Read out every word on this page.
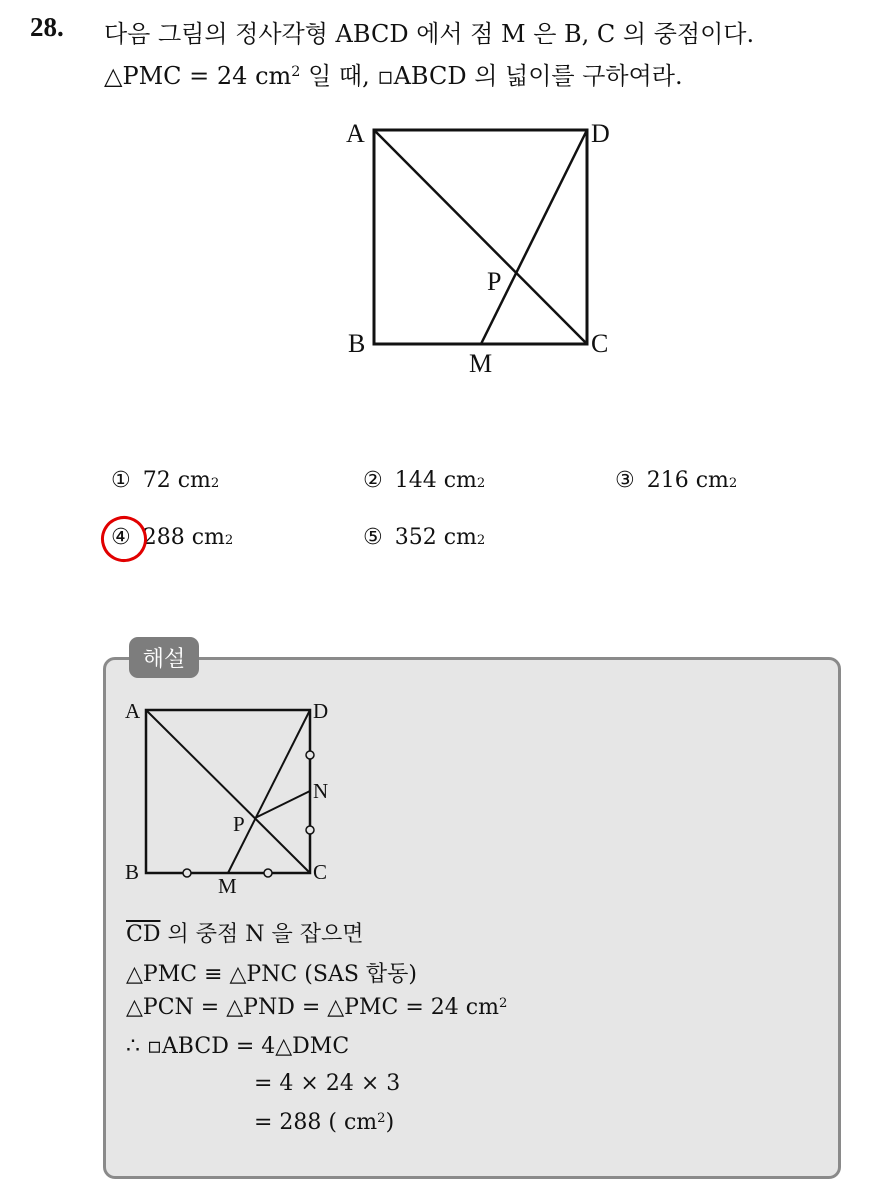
28. 다음 그림의 정사각형 ABCD 에서 점 M 은 B, C 의 중점이다.
△PMC = 24 $cm^2$ 일 때, ▫ABCD 의 넓이를 구하여라.
A	D
B	C
M
P
① 72 cm 2	② 144 cm 2	③ 216 cm 2
④ 288 cm 2	⑤ 352 cm 2
해설
A	D
B	C
M
N
P
$\overline{CD}$ 의 중점 N 을 잡으면
△PMC ≡ △PNC (SAS 합동)
△PCN = △PND = △PMC = 24 $cm^2$
∴ ▫ABCD = 4△DMC
= 4 × 24 × 3
= 288 ( $cm^2$)
